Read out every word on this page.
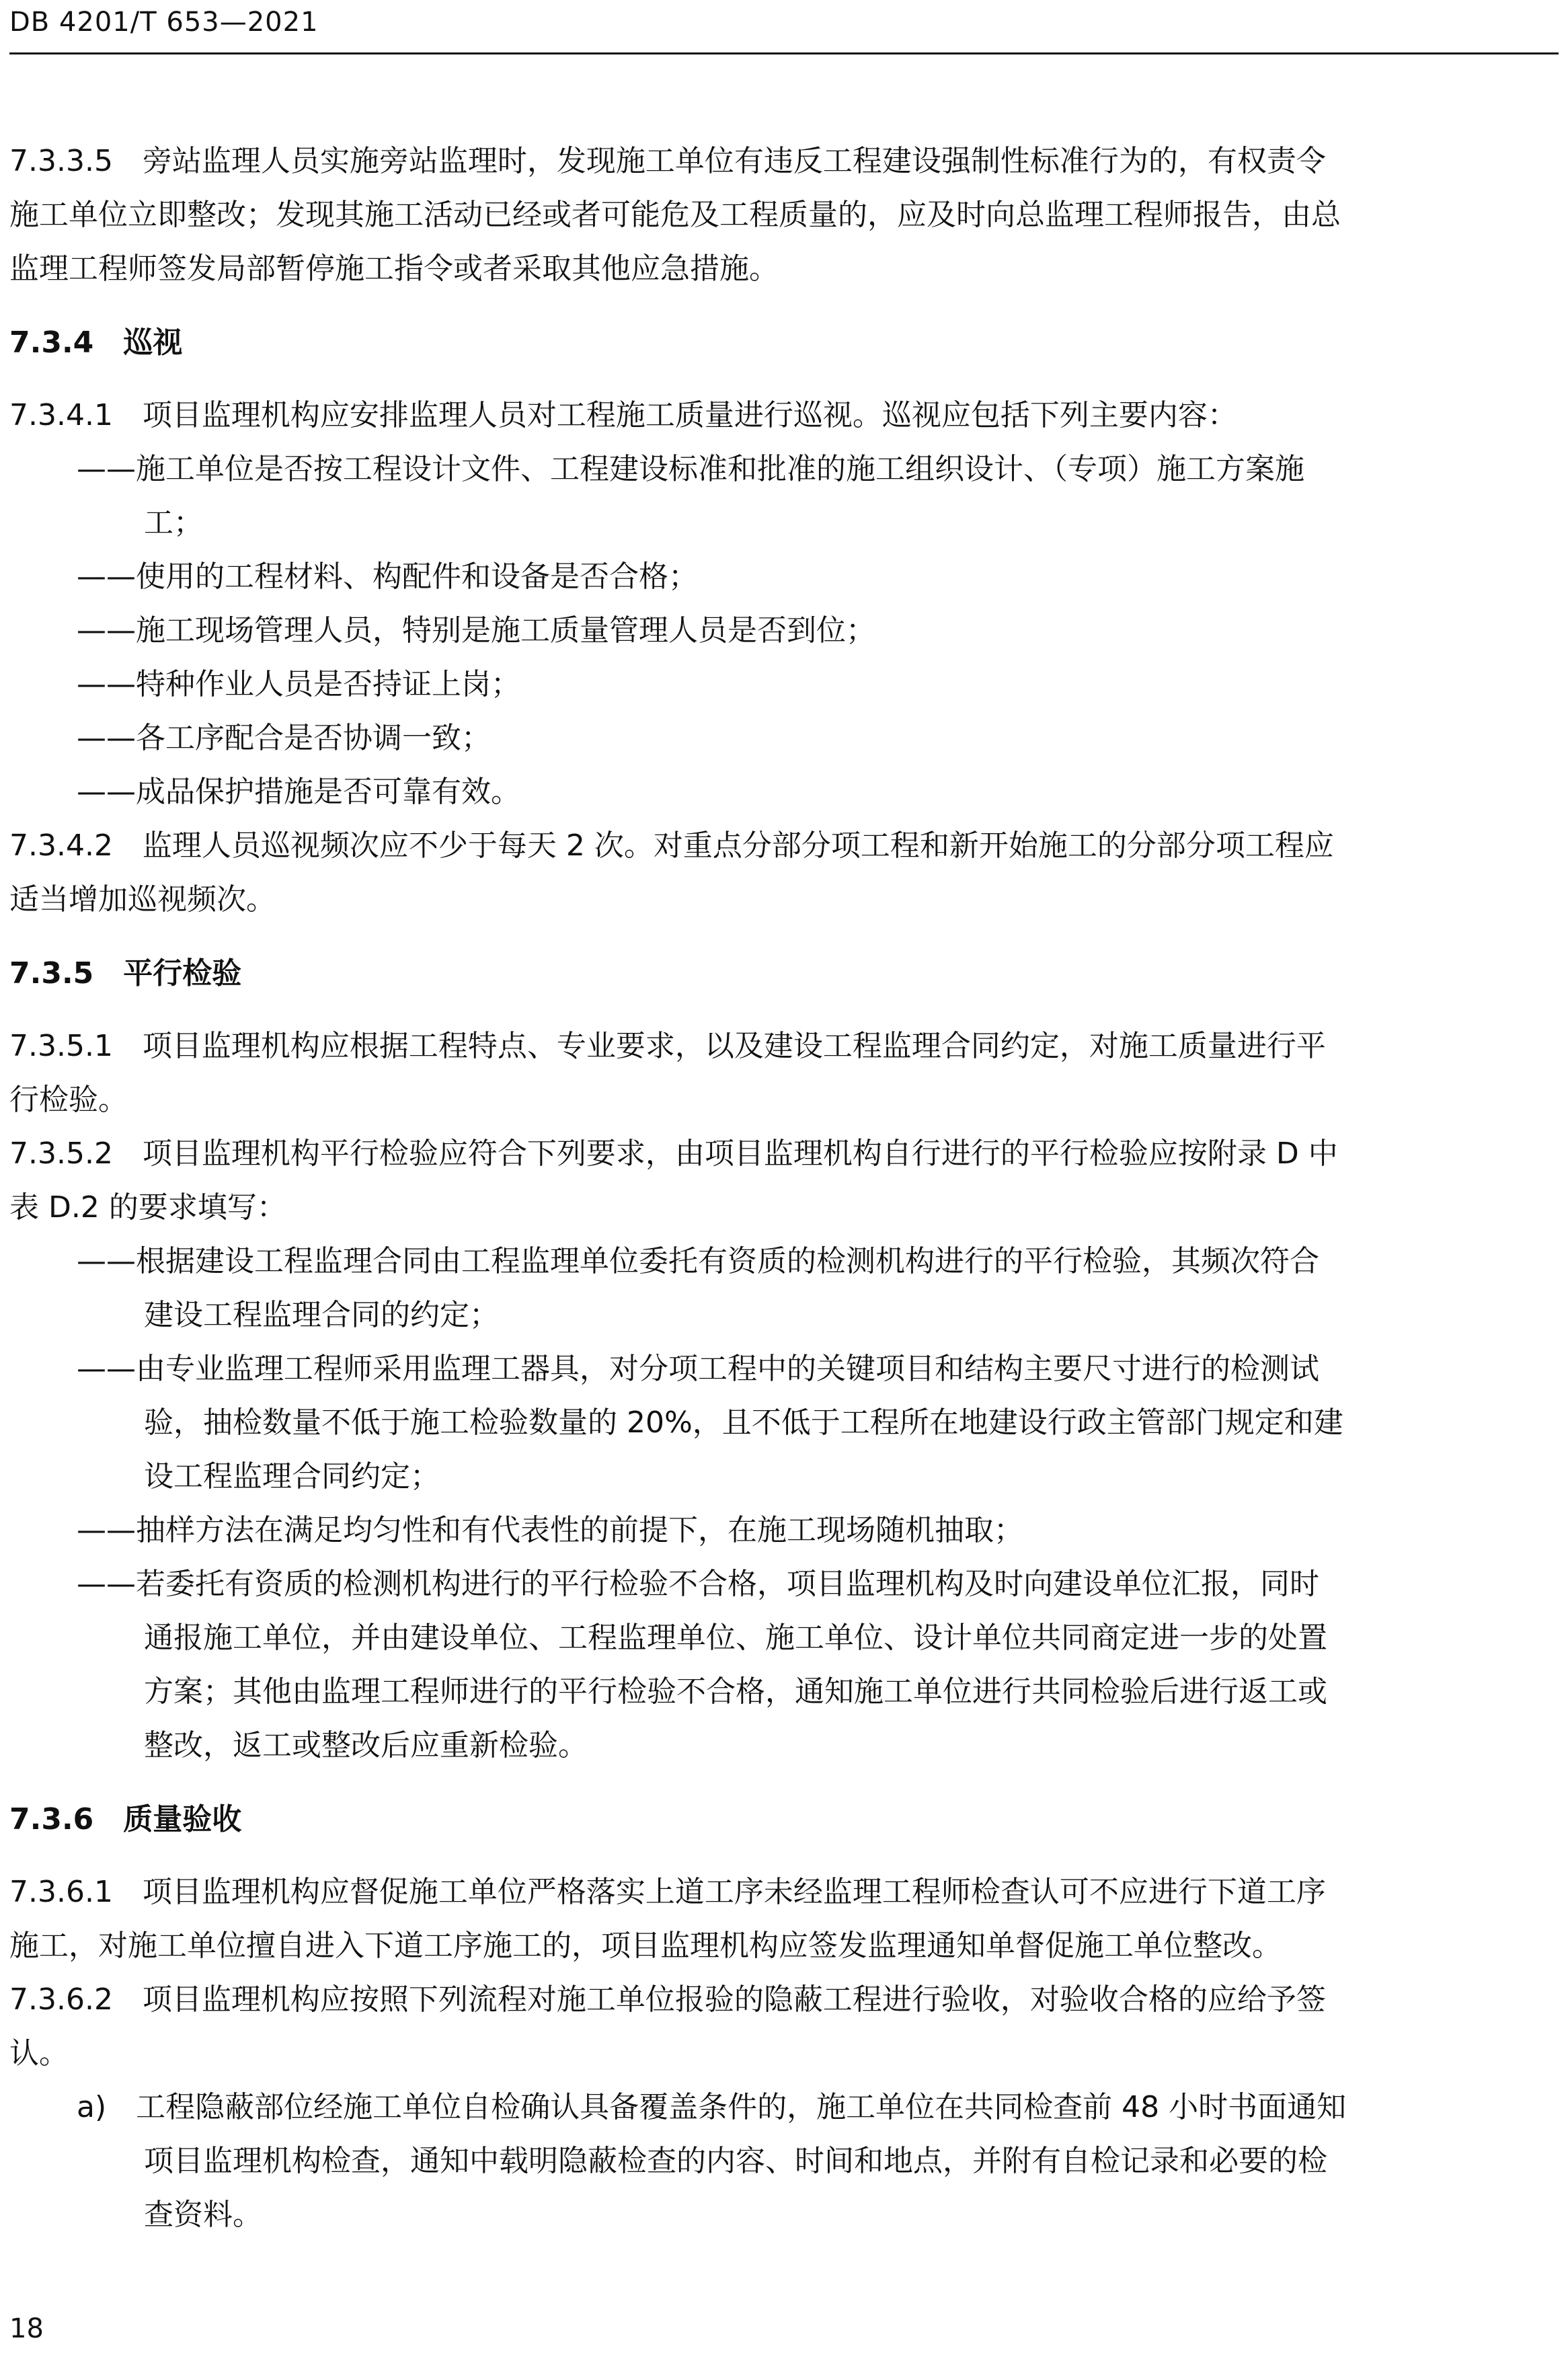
DB 4201/T 653—2021
7.3.3.5　旁站监理人员实施旁站监理时，发现施工单位有违反工程建设强制性标准行为的，有权责令
施工单位立即整改；发现其施工活动已经或者可能危及工程质量的，应及时向总监理工程师报告，由总
监理工程师签发局部暂停施工指令或者采取其他应急措施。
7.3.4　巡视
7.3.4.1　项目监理机构应安排监理人员对工程施工质量进行巡视。巡视应包括下列主要内容：
——施工单位是否按工程设计文件、工程建设标准和批准的施工组织设计、（专项）施工方案施
工；
——使用的工程材料、构配件和设备是否合格；
——施工现场管理人员，特别是施工质量管理人员是否到位；
——特种作业人员是否持证上岗；
——各工序配合是否协调一致；
——成品保护措施是否可靠有效。
7.3.4.2　监理人员巡视频次应不少于每天 2 次。对重点分部分项工程和新开始施工的分部分项工程应
适当增加巡视频次。
7.3.5　平行检验
7.3.5.1　项目监理机构应根据工程特点、专业要求，以及建设工程监理合同约定，对施工质量进行平
行检验。
7.3.5.2　项目监理机构平行检验应符合下列要求，由项目监理机构自行进行的平行检验应按附录 D 中
表 D.2 的要求填写：
——根据建设工程监理合同由工程监理单位委托有资质的检测机构进行的平行检验，其频次符合
建设工程监理合同的约定；
——由专业监理工程师采用监理工器具，对分项工程中的关键项目和结构主要尺寸进行的检测试
验，抽检数量不低于施工检验数量的 20%，且不低于工程所在地建设行政主管部门规定和建
设工程监理合同约定；
——抽样方法在满足均匀性和有代表性的前提下，在施工现场随机抽取；
——若委托有资质的检测机构进行的平行检验不合格，项目监理机构及时向建设单位汇报，同时
通报施工单位，并由建设单位、工程监理单位、施工单位、设计单位共同商定进一步的处置
方案；其他由监理工程师进行的平行检验不合格，通知施工单位进行共同检验后进行返工或
整改，返工或整改后应重新检验。
7.3.6　质量验收
7.3.6.1　项目监理机构应督促施工单位严格落实上道工序未经监理工程师检查认可不应进行下道工序
施工，对施工单位擅自进入下道工序施工的，项目监理机构应签发监理通知单督促施工单位整改。
7.3.6.2　项目监理机构应按照下列流程对施工单位报验的隐蔽工程进行验收，对验收合格的应给予签
认。
a)　工程隐蔽部位经施工单位自检确认具备覆盖条件的，施工单位在共同检查前 48 小时书面通知
项目监理机构检查，通知中载明隐蔽检查的内容、时间和地点，并附有自检记录和必要的检
查资料。
18
